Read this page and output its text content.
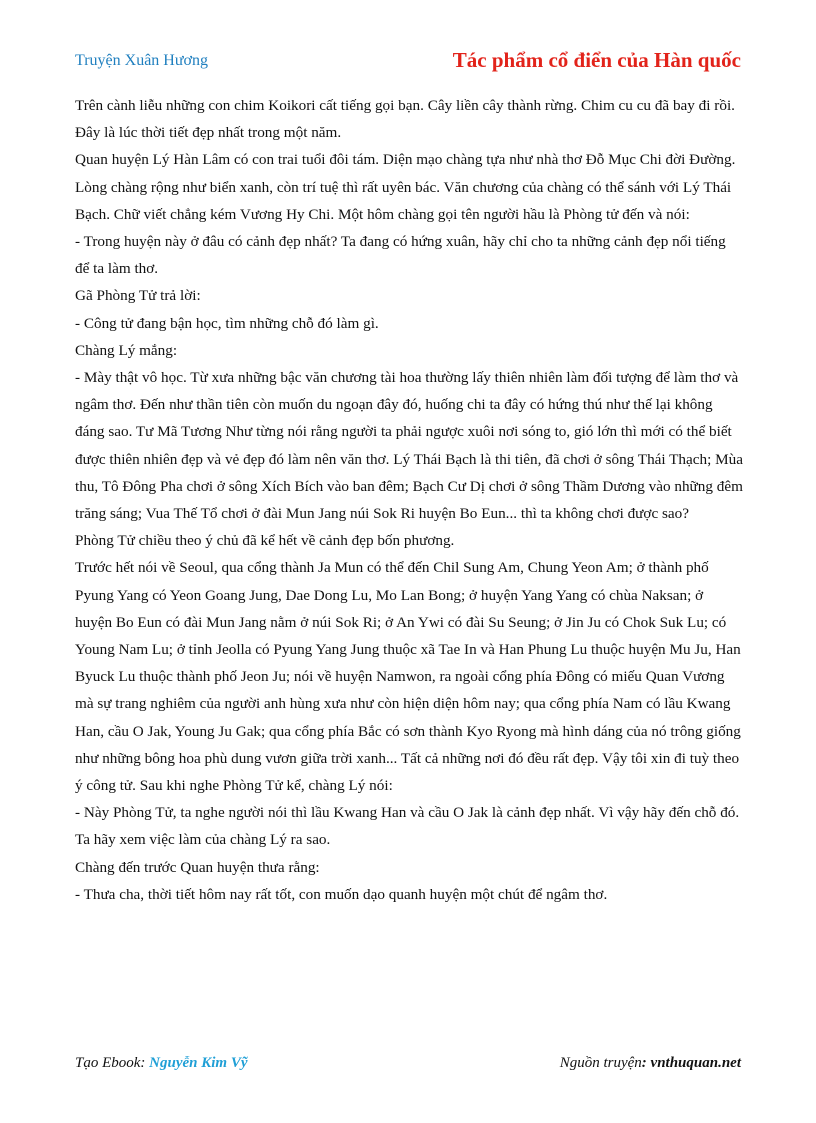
Truyện Xuân Hương	Tác phẩm cổ điển của Hàn quốc

Trên cành liễu những con chim Koikori cất tiếng gọi bạn. Cây liền cây thành rừng. Chim cu cu đã bay đi rồi. Đây là lúc thời tiết đẹp nhất trong một năm.

Quan huyện Lý Hàn Lâm có con trai tuổi đôi tám. Diện mạo chàng tựa như nhà thơ Đỗ Mục Chi đời Đường. Lòng chàng rộng như biển xanh, còn trí tuệ thì rất uyên bác. Văn chương của chàng có thể sánh với Lý Thái Bạch. Chữ viết chẳng kém Vương Hy Chi. Một hôm chàng gọi tên người hầu là Phòng tử đến và nói:

- Trong huyện này ở đâu có cảnh đẹp nhất? Ta đang có hứng xuân, hãy chỉ cho ta những cảnh đẹp nổi tiếng để ta làm thơ.

Gã Phòng Tử trả lời:

- Công tử đang bận học, tìm những chỗ đó làm gì.

Chàng Lý mắng:

- Mày thật vô học. Từ xưa những bậc văn chương tài hoa thường lấy thiên nhiên làm đối tượng để làm thơ và ngâm thơ. Đến như thần tiên còn muốn du ngoạn đây đó, huống chi ta đây có hứng thú như thế lại không đáng sao. Tư Mã Tương Như từng nói rằng người ta phải ngược xuôi nơi sóng to, gió lớn thì mới có thể biết được thiên nhiên đẹp và vẻ đẹp đó làm nên văn thơ. Lý Thái Bạch là thi tiên, đã chơi ở sông Thái Thạch; Mùa thu, Tô Đông Pha chơi ở sông Xích Bích vào ban đêm; Bạch Cư Dị chơi ở sông Thầm Dương vào những đêm trăng sáng; Vua Thế Tổ chơi ở đài Mun Jang núi Sok Ri huyện Bo Eun... thì ta không chơi được sao?

Phòng Tử chiều theo ý chủ đã kể hết về cảnh đẹp bốn phương.

Trước hết nói về Seoul, qua cổng thành Ja Mun có thể đến Chil Sung Am, Chung Yeon Am; ở thành phố Pyung Yang có Yeon Goang Jung, Dae Dong Lu, Mo Lan Bong; ở huyện Yang Yang có chùa Naksan; ở huyện Bo Eun có đài Mun Jang nằm ở núi Sok Ri; ở An Ywi có đài Su Seung; ở Jin Ju có Chok Suk Lu; có Young Nam Lu; ở tỉnh Jeolla có Pyung Yang Jung thuộc xã Tae In và Han Phung Lu thuộc huyện Mu Ju, Han Byuck Lu thuộc thành phố Jeon Ju; nói về huyện Namwon, ra ngoài cổng phía Đông có miếu Quan Vương mà sự trang nghiêm của người anh hùng xưa như còn hiện diện hôm nay; qua cổng phía Nam có lầu Kwang Han, cầu O Jak, Young Ju Gak; qua cổng phía Bắc có sơn thành Kyo Ryong mà hình dáng của nó trông giống như những bông hoa phù dung vươn giữa trời xanh... Tất cả những nơi đó đều rất đẹp. Vậy tôi xin đi tuỳ theo ý công tử. Sau khi nghe Phòng Tử kể, chàng Lý nói:

- Này Phòng Tử, ta nghe người nói thì lầu Kwang Han và cầu O Jak là cảnh đẹp nhất. Vì vậy hãy đến chỗ đó.

Ta hãy xem việc làm của chàng Lý ra sao.

Chàng đến trước Quan huyện thưa rằng:

- Thưa cha, thời tiết hôm nay rất tốt, con muốn dạo quanh huyện một chút để ngâm thơ.

Tạo Ebook: Nguyễn Kim Vỹ	Nguồn truyện: vnthuquan.net
